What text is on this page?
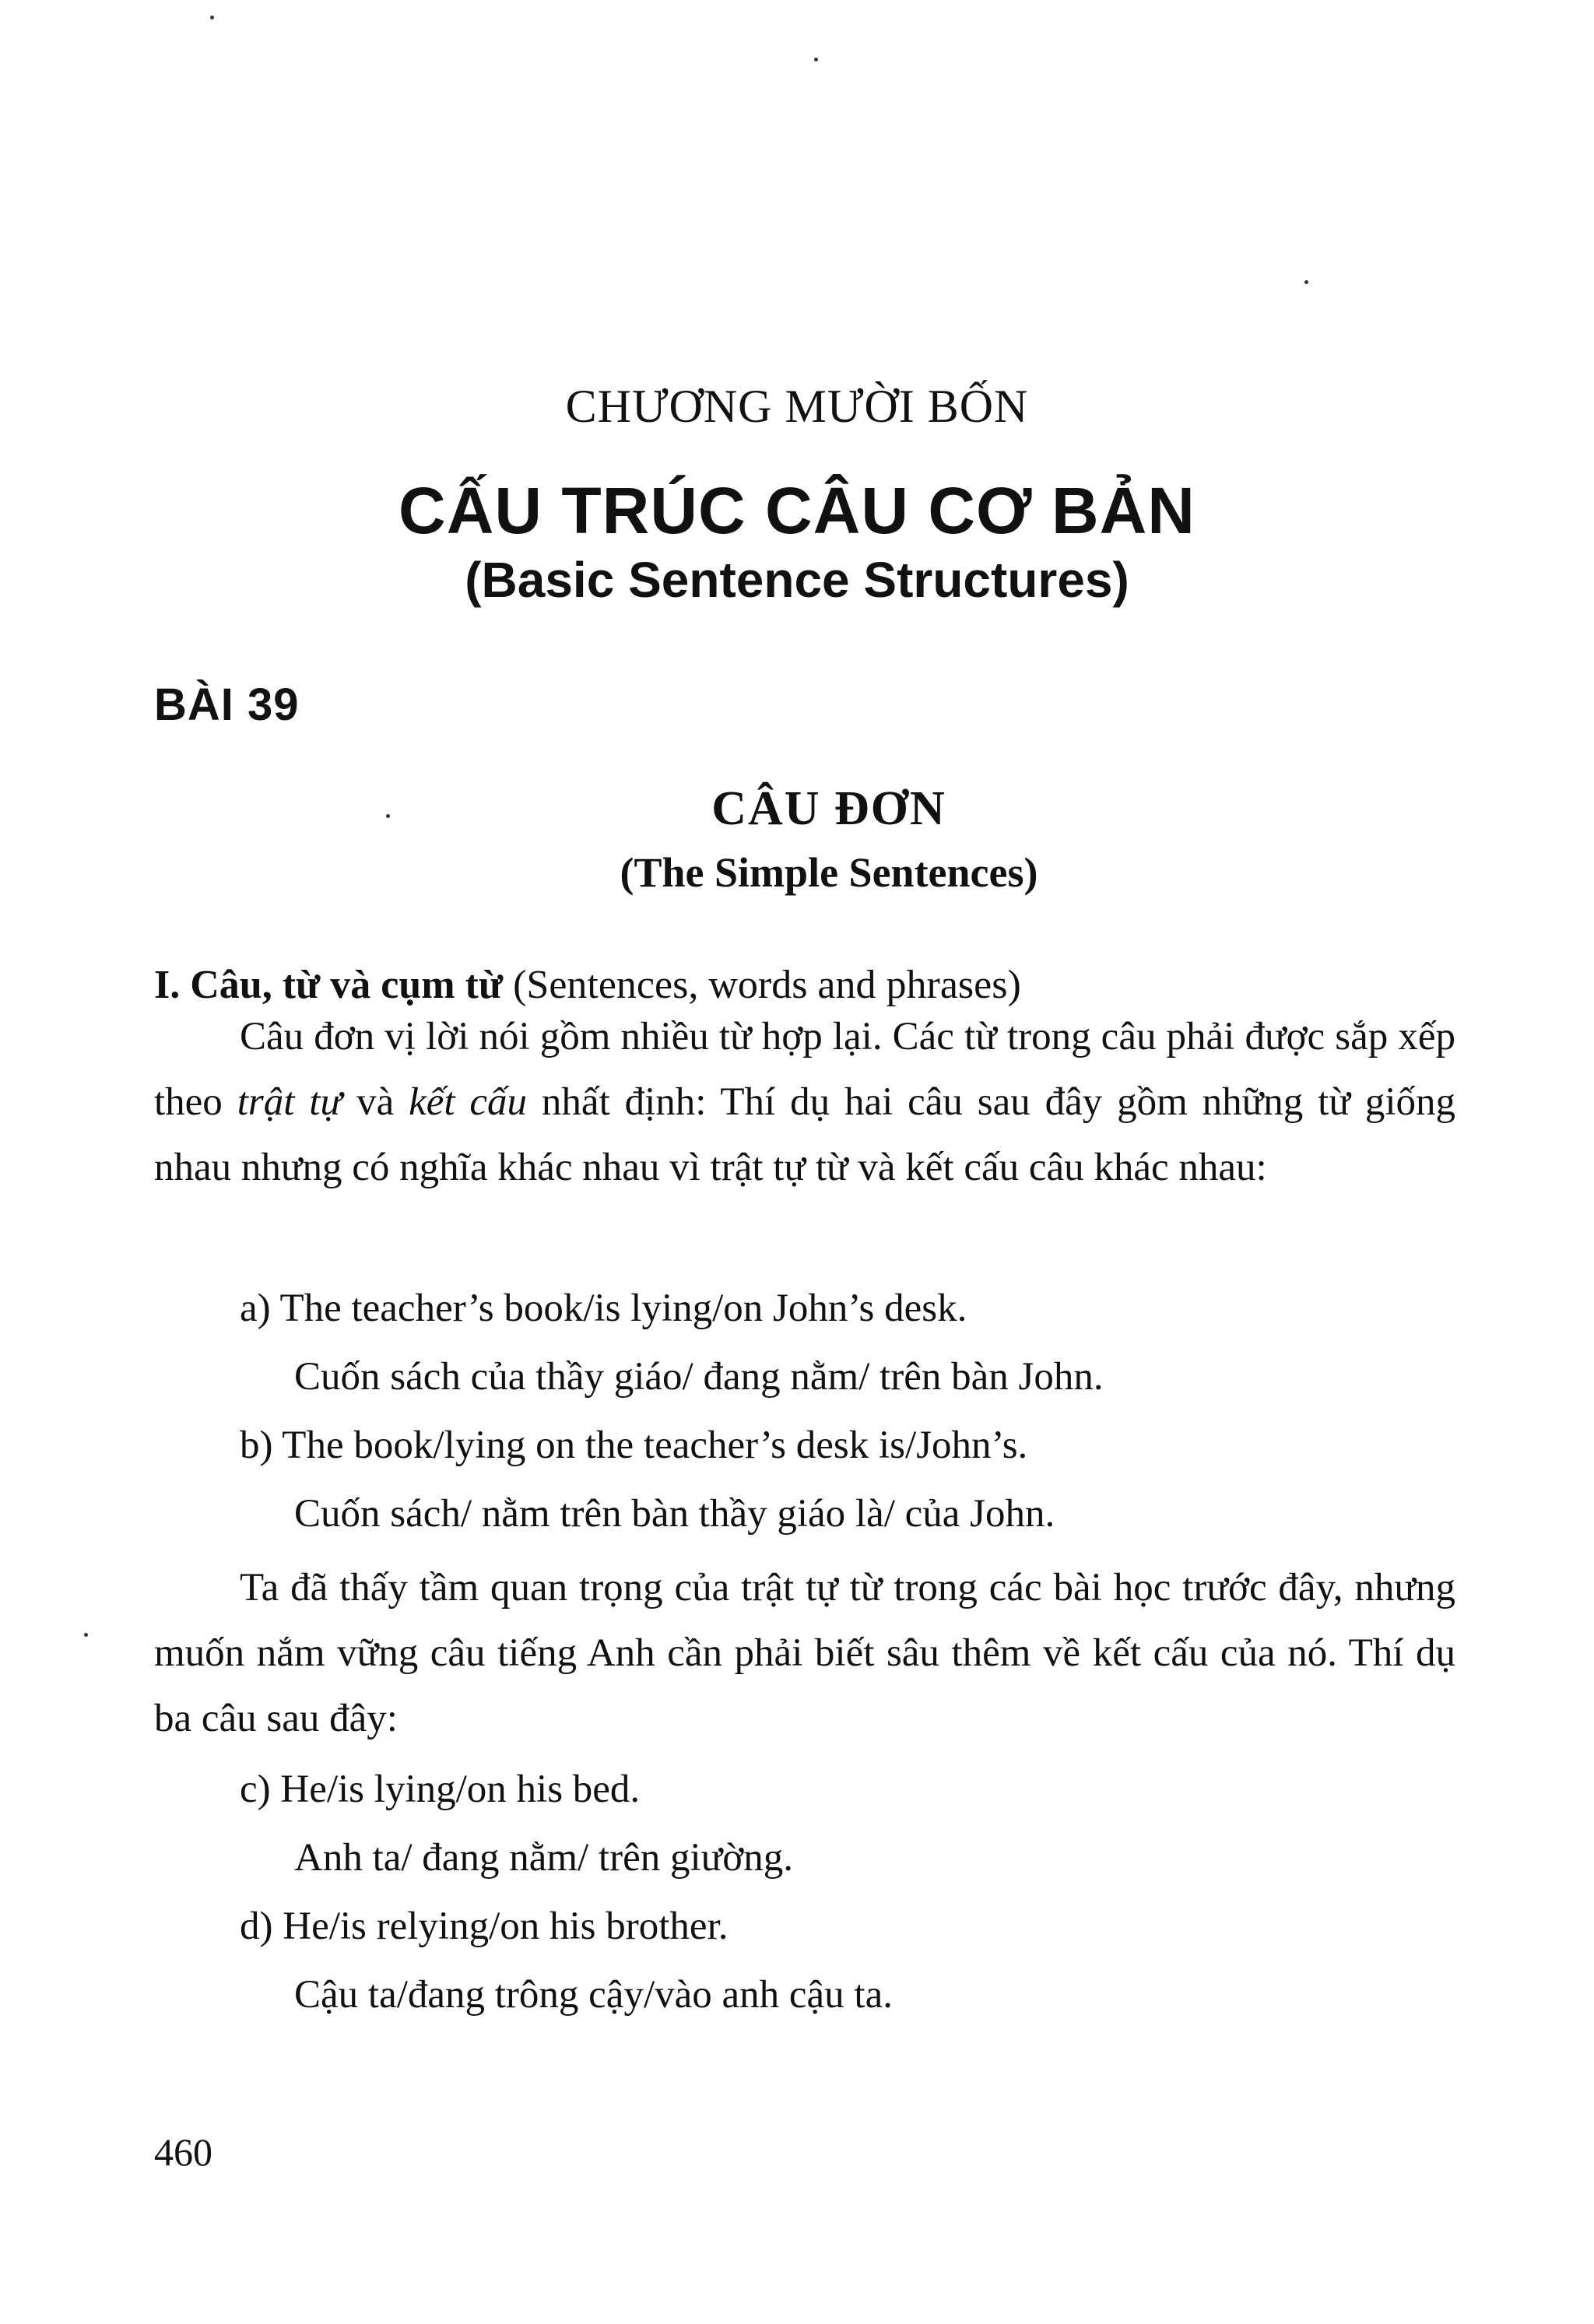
CHƯƠNG MƯỜI BỐN
CẤU TRÚC CÂU CƠ BẢN
(Basic Sentence Structures)
BÀI 39
CÂU ĐƠN
(The Simple Sentences)
I. Câu, từ và cụm từ (Sentences, words and phrases)
Câu đơn vị lời nói gồm nhiều từ hợp lại. Các từ trong câu phải được sắp xếp theo trật tự và kết cấu nhất định: Thí dụ hai câu sau đây gồm những từ giống nhau nhưng có nghĩa khác nhau vì trật tự từ và kết cấu câu khác nhau:
a) The teacher’s book/is lying/on John’s desk.
Cuốn sách của thầy giáo/ đang nằm/ trên bàn John.
b) The book/lying on the teacher’s desk is/John’s.
Cuốn sách/ nằm trên bàn thầy giáo là/ của John.
Ta đã thấy tầm quan trọng của trật tự từ trong các bài học trước đây, nhưng muốn nắm vững câu tiếng Anh cần phải biết sâu thêm về kết cấu của nó. Thí dụ ba câu sau đây:
c) He/is lying/on his bed.
Anh ta/ đang nằm/ trên giường.
d) He/is relying/on his brother.
Cậu ta/đang trông cậy/vào anh cậu ta.
460
